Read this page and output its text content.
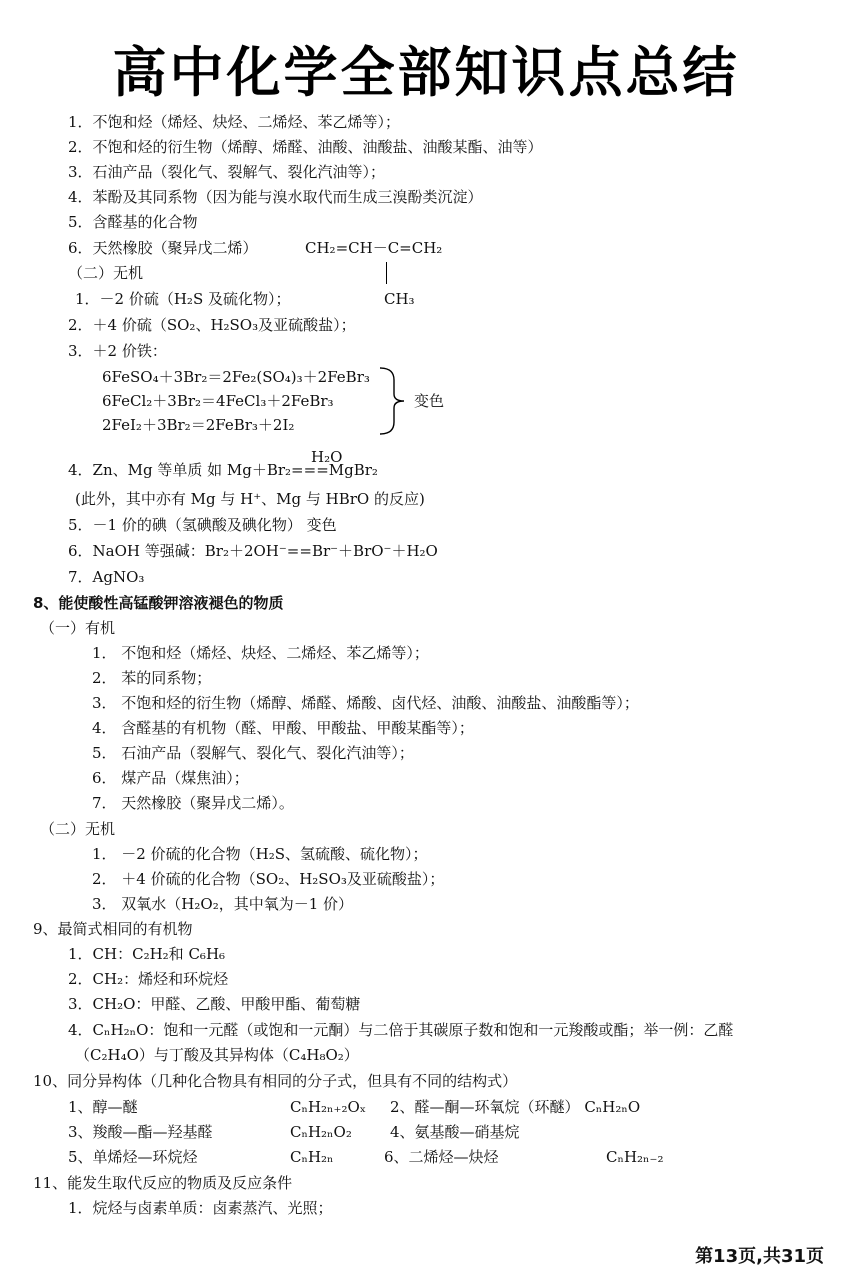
高中化学全部知识点总结
1．不饱和烃（烯烃、炔烃、二烯烃、苯乙烯等）；
2．不饱和烃的衍生物（烯醇、烯醛、油酸、油酸盐、油酸某酯、油等）
3．石油产品（裂化气、裂解气、裂化汽油等）；
4．苯酚及其同系物（因为能与溴水取代而生成三溴酚类沉淀）
5．含醛基的化合物
6．天然橡胶（聚异戊二烯）	CH₂=CH－C=CH₂
（二）无机
CH₃
1．－2 价硫（H₂S 及硫化物）；
2．＋4 价硫（SO₂、H₂SO₃及亚硫酸盐）；
3．＋2 价铁：
6FeSO₄＋3Br₂＝2Fe₂(SO₄)₃＋2FeBr₃
6FeCl₂＋3Br₂＝4FeCl₃＋2FeBr₃
2FeI₂＋3Br₂＝2FeBr₃＋2I₂
变色
H₂O
4．Zn、Mg 等单质 如 Mg＋Br₂===MgBr₂
(此外，其中亦有 Mg 与 H⁺、Mg 与 HBrO 的反应)
5．－1 价的碘（氢碘酸及碘化物） 变色
6．NaOH 等强碱：Br₂＋2OH⁻==Br⁻＋BrO⁻＋H₂O
7．AgNO₃
8、能使酸性高锰酸钾溶液褪色的物质
（一）有机
1． 不饱和烃（烯烃、炔烃、二烯烃、苯乙烯等）；
2． 苯的同系物；
3． 不饱和烃的衍生物（烯醇、烯醛、烯酸、卤代烃、油酸、油酸盐、油酸酯等）；
4． 含醛基的有机物（醛、甲酸、甲酸盐、甲酸某酯等）；
5． 石油产品（裂解气、裂化气、裂化汽油等）；
6． 煤产品（煤焦油）；
7． 天然橡胶（聚异戊二烯）。
（二）无机
1． －2 价硫的化合物（H₂S、氢硫酸、硫化物）；
2． ＋4 价硫的化合物（SO₂、H₂SO₃及亚硫酸盐）；
3． 双氧水（H₂O₂，其中氧为－1 价）
9、最简式相同的有机物
1．CH：C₂H₂和 C₆H₆
2．CH₂：烯烃和环烷烃
3．CH₂O：甲醛、乙酸、甲酸甲酯、葡萄糖
4．CₙH₂ₙO：饱和一元醛（或饱和一元酮）与二倍于其碳原子数和饱和一元羧酸或酯；举一例：乙醛
（C₂H₄O）与丁酸及其异构体（C₄H₈O₂）
10、同分异构体（几种化合物具有相同的分子式，但具有不同的结构式）
1、醇—醚	CₙH₂ₙ₊₂Oₓ 2、醛—酮—环氧烷（环醚） CₙH₂ₙO
3、羧酸—酯—羟基醛	CₙH₂ₙO₂	4、氨基酸—硝基烷
5、单烯烃—环烷烃	CₙH₂ₙ	6、二烯烃—炔烃	CₙH₂ₙ₋₂
11、能发生取代反应的物质及反应条件
1．烷烃与卤素单质：卤素蒸汽、光照；
第13页,共31页
